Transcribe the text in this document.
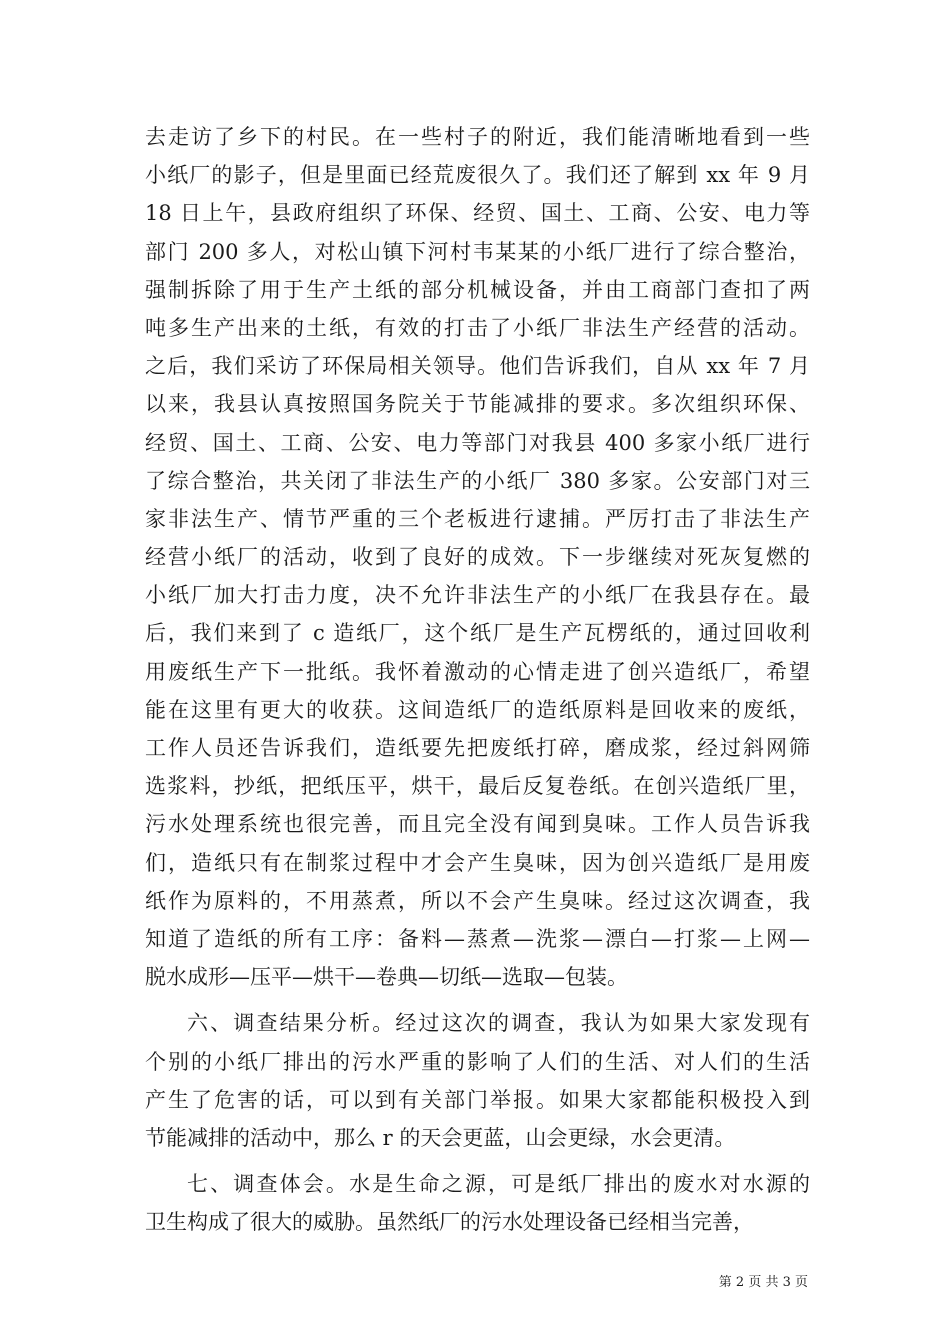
去走访了乡下的村民。在一些村子的附近，我们能清晰地看到一些
小纸厂的影子，但是里面已经荒废很久了。我们还了解到 xx 年 9 月
18 日上午，县政府组织了环保、经贸、国土、工商、公安、电力等
部门 200 多人，对松山镇下河村韦某某的小纸厂进行了综合整治，
强制拆除了用于生产土纸的部分机械设备，并由工商部门查扣了两
吨多生产出来的土纸，有效的打击了小纸厂非法生产经营的活动。
之后，我们采访了环保局相关领导。他们告诉我们，自从 xx 年 7 月
以来，我县认真按照国务院关于节能减排的要求。多次组织环保、
经贸、国土、工商、公安、电力等部门对我县 400 多家小纸厂进行
了综合整治，共关闭了非法生产的小纸厂 380 多家。公安部门对三
家非法生产、情节严重的三个老板进行逮捕。严厉打击了非法生产
经营小纸厂的活动，收到了良好的成效。下一步继续对死灰复燃的
小纸厂加大打击力度，决不允许非法生产的小纸厂在我县存在。最
后，我们来到了 c 造纸厂，这个纸厂是生产瓦楞纸的，通过回收利
用废纸生产下一批纸。我怀着激动的心情走进了创兴造纸厂，希望
能在这里有更大的收获。这间造纸厂的造纸原料是回收来的废纸，
工作人员还告诉我们，造纸要先把废纸打碎，磨成浆，经过斜网筛
选浆料，抄纸，把纸压平，烘干，最后反复卷纸。在创兴造纸厂里，
污水处理系统也很完善，而且完全没有闻到臭味。工作人员告诉我
们，造纸只有在制浆过程中才会产生臭味，因为创兴造纸厂是用废
纸作为原料的，不用蒸煮，所以不会产生臭味。经过这次调查，我
知道了造纸的所有工序：备料—蒸煮—洗浆—漂白—打浆—上网—
脱水成形—压平—烘干—卷典—切纸—选取—包装。
六、调查结果分析。经过这次的调查，我认为如果大家发现有
个别的小纸厂排出的污水严重的影响了人们的生活、对人们的生活
产生了危害的话，可以到有关部门举报。如果大家都能积极投入到
节能减排的活动中，那么 r 的天会更蓝，山会更绿，水会更清。
七、调查体会。水是生命之源，可是纸厂排出的废水对水源的
卫生构成了很大的威胁。虽然纸厂的污水处理设备已经相当完善，
第 2 页 共 3 页
